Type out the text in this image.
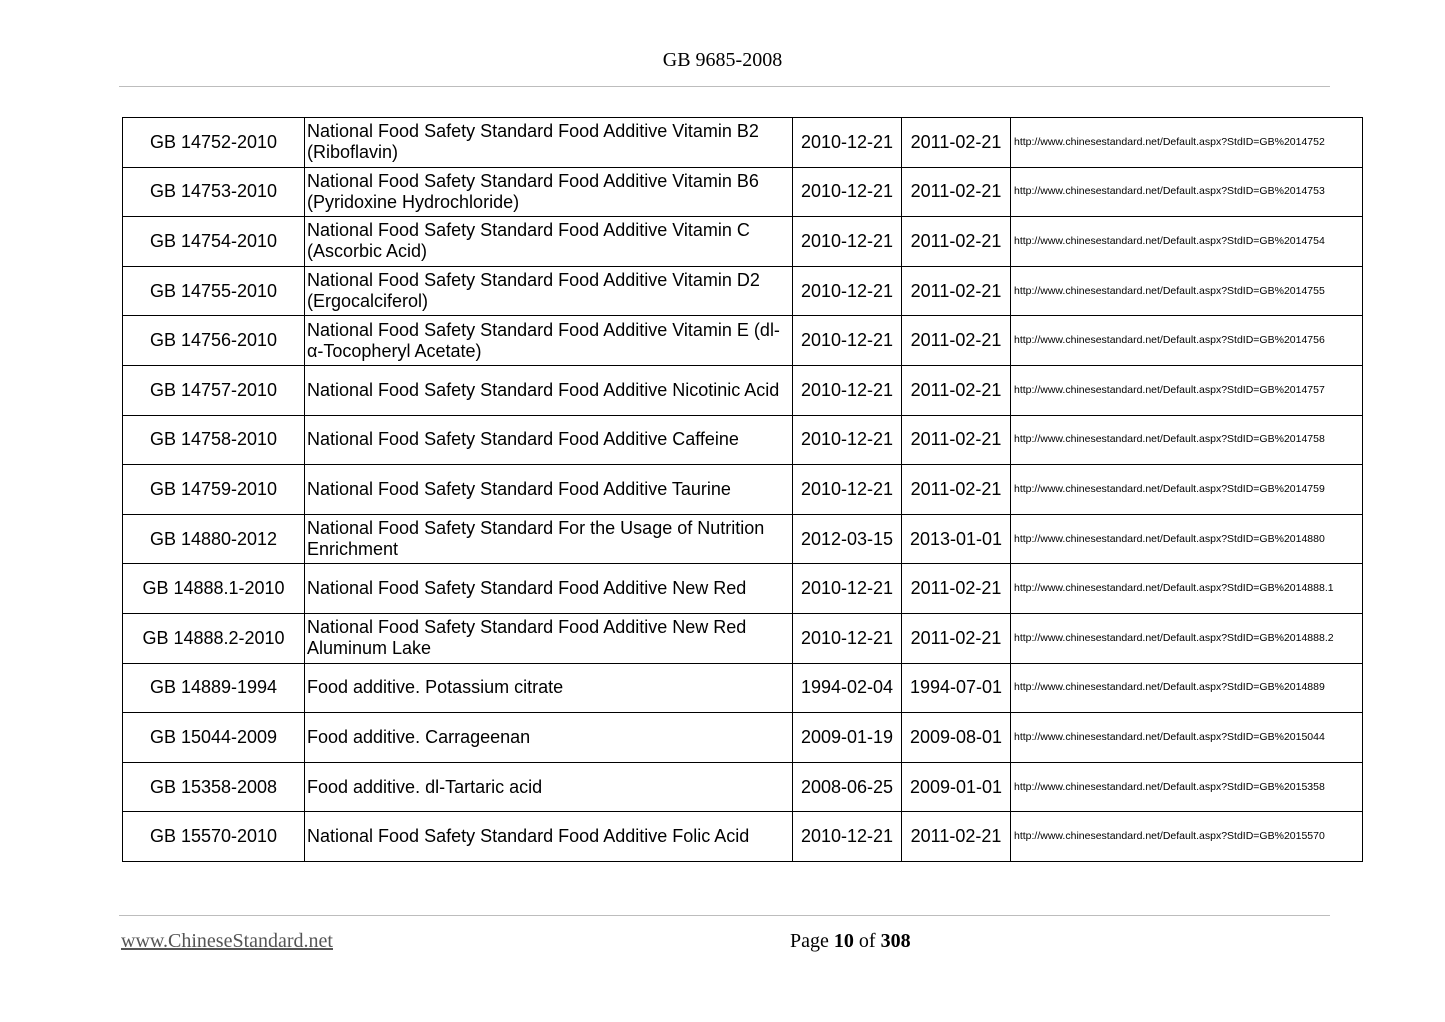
GB 9685-2008
GB 14752-2010	National Food Safety Standard Food Additive Vitamin B2 (Riboflavin)	2010-12-21	2011-02-21	http://www.chinesestandard.net/Default.aspx?StdID=GB%2014752
GB 14753-2010	National Food Safety Standard Food Additive Vitamin B6 (Pyridoxine Hydrochloride)	2010-12-21	2011-02-21	http://www.chinesestandard.net/Default.aspx?StdID=GB%2014753
GB 14754-2010	National Food Safety Standard Food Additive Vitamin C (Ascorbic Acid)	2010-12-21	2011-02-21	http://www.chinesestandard.net/Default.aspx?StdID=GB%2014754
GB 14755-2010	National Food Safety Standard Food Additive Vitamin D2 (Ergocalciferol)	2010-12-21	2011-02-21	http://www.chinesestandard.net/Default.aspx?StdID=GB%2014755
GB 14756-2010	National Food Safety Standard Food Additive Vitamin E (dl-α-Tocopheryl Acetate)	2010-12-21	2011-02-21	http://www.chinesestandard.net/Default.aspx?StdID=GB%2014756
GB 14757-2010	National Food Safety Standard Food Additive Nicotinic Acid	2010-12-21	2011-02-21	http://www.chinesestandard.net/Default.aspx?StdID=GB%2014757
GB 14758-2010	National Food Safety Standard Food Additive Caffeine	2010-12-21	2011-02-21	http://www.chinesestandard.net/Default.aspx?StdID=GB%2014758
GB 14759-2010	National Food Safety Standard Food Additive Taurine	2010-12-21	2011-02-21	http://www.chinesestandard.net/Default.aspx?StdID=GB%2014759
GB 14880-2012	National Food Safety Standard For the Usage of Nutrition Enrichment	2012-03-15	2013-01-01	http://www.chinesestandard.net/Default.aspx?StdID=GB%2014880
GB 14888.1-2010	National Food Safety Standard Food Additive New Red	2010-12-21	2011-02-21	http://www.chinesestandard.net/Default.aspx?StdID=GB%2014888.1
GB 14888.2-2010	National Food Safety Standard Food Additive New Red Aluminum Lake	2010-12-21	2011-02-21	http://www.chinesestandard.net/Default.aspx?StdID=GB%2014888.2
GB 14889-1994	Food additive. Potassium citrate	1994-02-04	1994-07-01	http://www.chinesestandard.net/Default.aspx?StdID=GB%2014889
GB 15044-2009	Food additive. Carrageenan	2009-01-19	2009-08-01	http://www.chinesestandard.net/Default.aspx?StdID=GB%2015044
GB 15358-2008	Food additive. dl-Tartaric acid	2008-06-25	2009-01-01	http://www.chinesestandard.net/Default.aspx?StdID=GB%2015358
GB 15570-2010	National Food Safety Standard Food Additive Folic Acid	2010-12-21	2011-02-21	http://www.chinesestandard.net/Default.aspx?StdID=GB%2015570
www.ChineseStandard.net	Page 10 of 308
